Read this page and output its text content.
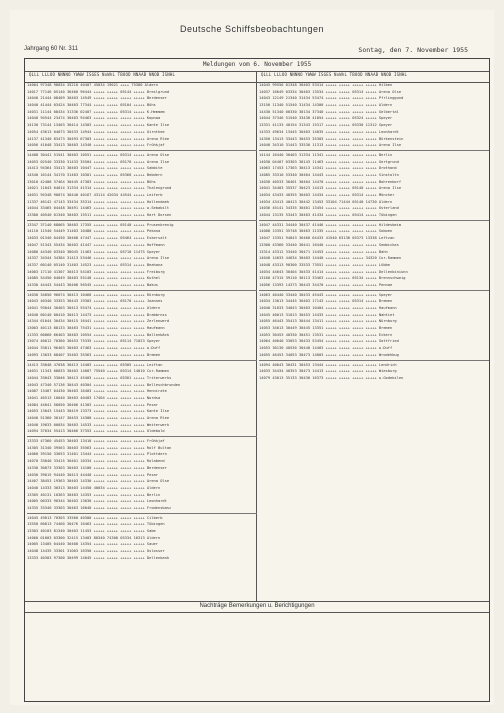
Deutsche Schiffsbeobachtungen
Jahrgang 60 Nr. 311	Sontag, den 7. November 1955
Meldungen vom 6. November 1955
QLLL LLLOO NNNNO YWWW ISGES NoWhL TBOOD NNAAB NNOB ISNHL	QLLL LLLOO NNNNO YWWW ISGES NoWhL TBOOD NNAAB NNOB ISNHL
14004 97348 98034 35210 40407 45034 19021 ++++ 75380 Aldern
14017 77146 05140 36460 96444 +++++ +++++ 05144 +++++ Breslgrund
14040 21444 08409 30403 14549 +++++ +++++ +++++ +++++ Berdenser
14040 41444 03424 30403 77344 +++++ +++++ 05104 +++++ Bühs
14031 11144 08434 31336 02407 +++++ +++++ 05314 +++++ K.Hemmem
14040 94544 23474 30403 94463 +++++ +++++ +++++ +++++ Kopnaa
14130 73144 13403 30414 14303 +++++ +++++ +++++ +++++ Kante Ilse
14054 43613 04073 30433 14944 +++++ +++++ +++++ +++++ Uirnthee
14137 41340 83473 30493 67303 +++++ +++++ +++++ +++++ Arena Rlee
14056 41048 33413 30403 14340 +++++ +++++ +++++ +++++ Frühkjaf
14408 30441 51541 30403 10551 +++++ +++++ 05314 +++++ Arena Olse
14053 02540 33330 31433 35504 +++++ +++++ 05170 +++++ Arena Ilse
14413 94364 33413 30403 10447 +++++ +++++ +++++ +++++ Sabbite
14540 16144 34170 31403 10301 +++++ +++++ 05360 +++++ Bebdern
13010 42408 37464 30445 47303 +++++ +++++ +++++ +++++ Bühs
14021 11043 04014 31334 41314 +++++ +++++ +++++ +++++ Thalengrund
14031 94348 90074 30440 40167 43114 42034 44544 +++++ Leiferb
11337 46142 47143 33434 35314 +++++ +++++ +++++ +++++ Hollendaek
14044 33465 04448 30491 14463 +++++ +++++ +++++ +++++ w.Sebabilt
13300 40540 01340 30403 15511 +++++ +++++ +++++ +++++ Hart Dorsen
13347 37140 68065 30403 17355 +++++ +++++ 05140 +++++ Prusenbrenig
14110 11540 54449 31403 10480 +++++ +++++ +++++ +++++ Pekana
14033 01340 04450 30408 47447 +++++ +++++ 05464 +++++ Eskersalt
14047 51343 55434 30403 41447 +++++ +++++ +++++ +++++ Hoffmann
14080 44340 03340 38045 11463 +++++ +++++ 05710 11475 Speyer
14337 34344 34384 31413 53446 +++++ +++++ +++++ +++++ Arena Ilse
14337 60140 05140 31403 14523 +++++ +++++ 05314 +++++ Beahana
14003 17110 41307 30413 54103 +++++ +++++ +++++ +++++ Freiburg
14085 54450 04049 30403 55140 +++++ +++++ +++++ +++++ Kuthel
14330 44443 54443 30408 56545 +++++ +++++ +++++ +++++ Bakus
14030 34050 96074 30413 10460 +++++ +++++ +++++ +++++ Rürnburg
14043 40340 33353 30443 19303 +++++ +++++ 05170 +++++ Joannes
14041 93044 30403 30413 55474 +++++ +++++ +++++ +++++ Aldern
14040 60140 00410 30413 14473 +++++ +++++ +++++ +++++ Brabbrnss
14344 61044 30434 30415 16441 +++++ +++++ +++++ +++++ Zerlenwerd
13003 40113 88133 30463 75431 +++++ +++++ +++++ +++++ Haufmann
11333 60060 66403 30403 10554 +++++ +++++ +++++ +++++ Ballenbäck
13074 40012 70380 30453 75335 +++++ +++++ 05114 71023 Speyer
14044 33011 96403 30403 47463 +++++ +++++ +++++ +++++ w.Duff
14093 13033 08407 35403 35363 +++++ +++++ +++++ +++++ Bremen
14413 33048 47038 30413 14403 +++++ +++++ 05305 +++++ Leiftan
14031 11343 08033 30403 14087 75540 +++++ 05314 14010 Cur.Rammen
14044 33043 33046 30413 45403 +++++ +++++ 05301 +++++ Triterwerks
14043 47340 57136 30443 40304 +++++ +++++ +++++ +++++ Belleschbrunden
14087 13407 04430 30403 16403 +++++ +++++ +++++ +++++ Hennirate
14041 46513 10040 30403 40403 17404 +++++ +++++ +++++ Nordsa
14084 44041 56050 30406 41303 +++++ +++++ +++++ +++++ Pezar
14053 13043 15443 30419 13373 +++++ +++++ +++++ +++++ Kante Ilse
14040 51360 30147 30453 14300 +++++ +++++ +++++ +++++ Arena Rlee
14040 19033 00034 30403 14533 +++++ +++++ +++++ +++++ Weiterwerk
14094 37034 55413 30466 37353 +++++ +++++ +++++ +++++ Oldebold
13333 47360 45453 30403 13410 +++++ +++++ +++++ +++++ Frühkjaf
14305 31340 39563 30403 35563 +++++ +++++ +++++ +++++ Rolf Bultan
14060 39150 33653 31401 13444 +++++ +++++ +++++ +++++ Plottdern
14070 33040 33415 30401 10334 +++++ +++++ +++++ +++++ Rolabend
14330 30073 33303 30403 14100 +++++ +++++ +++++ +++++ Berdenser
14030 39015 94440 30413 44440 +++++ +++++ +++++ +++++ Pezar
14407 38453 19363 30403 14330 +++++ +++++ +++++ +++++ Arena Olse
14040 14333 30313 30403 14450 40034 +++++ +++++ +++++ Aldern
13305 40131 10363 30403 14353 +++++ +++++ +++++ +++++ Berlin
14005 00333 90344 30403 13030 +++++ +++++ +++++ +++++ Leonhardt
14335 33340 33303 30463 16040 +++++ +++++ +++++ +++++ Frodensbasc
14045 49013 70303 33560 40300 +++++ +++++ +++++ +++++ Cilberb
13550 60013 74460 30476 16463 +++++ +++++ +++++ +++++ Tübingen
13303 40103 81340 30403 11453 +++++ +++++ +++++ +++++ Sabe
14060 01003 03300 32415 13403 80340 74300 05334 10313 Aldern
14005 13405 04440 30400 14354 +++++ +++++ +++++ +++++ Sauer
14048 14435 33301 31003 16350 +++++ +++++ +++++ +++++ Oslosser
13333 40303 97300 30499 14045 +++++ +++++ +++++ +++++ Dellenbank
14045 99556 01348 30403 53414 +++++ +++++ +++++ +++++ Hilben
14037 16649 03334 30403 13534 +++++ +++++ 05314 +++++ Arena Olse
14043 12149 21340 31434 53474 +++++ +++++ +++++ +++++ Pfrlinggund
13150 11340 51540 31434 14300 +++++ +++++ +++++ +++++ Aldern
14430 51340 00330 30134 37340 +++++ +++++ +++++ +++++ Gelbertal
14044 37346 51540 33430 41054 +++++ +++++ 05324 +++++ Speyer
13331 41133 40154 31343 15317 +++++ +++++ 05330 11312 Speyer
14333 49634 13445 30403 14035 +++++ +++++ +++++ +++++ Leonhardt
14350 13413 33443 30453 35303 +++++ +++++ +++++ +++++ Bürkenstein
14040 34310 31443 33530 11313 +++++ +++++ +++++ +++++ Arena Ilse
14144 16440 30403 31334 11341 +++++ +++++ +++++ +++++ Berlin
14030 04407 03303 30143 11463 +++++ +++++ +++++ +++++ Gertgrund
14063 17453 17303 30413 14341 +++++ +++++ +++++ +++++ Drothond
14085 33310 53340 30404 14443 +++++ +++++ +++++ +++++ Sinstoltn
14030 40533 30401 30404 14470 +++++ +++++ +++++ +++++ Bohrenborf
14041 34403 35537 30423 14413 +++++ +++++ 05140 +++++ Arena Ilse
14034 43433 40355 30403 14434 +++++ +++++ 05314 +++++ Müncher
14034 43413 40413 30442 13453 33104 71444 05140 14730 Aldern
14036 45141 34335 30401 13454 +++++ +++++ +++++ +++++ Osterland
14044 13135 53443 30403 41434 +++++ +++++ 05414 +++++ Tübingen
14047 44331 34440 30437 41446 +++++ +++++ +++++ +++++ Hildesbeim
14008 13351 35748 30463 11335 +++++ +++++ +++++ +++++ Soboen
14047 13351 94843 36460 04433 41540 63130 05373 13338 Leftzan
13300 43360 33440 30441 16440 +++++ +++++ +++++ +++++ Sembickes
13314 43312 33440 30471 14453 +++++ +++++ +++++ +++++ Bahn
14040 14033 44634 30403 14440 +++++ +++++ +++++ 34320 Cur.Rammen
14048 43313 90300 33533 73551 +++++ +++++ +++++ +++++ Lübbe
14034 44643 30404 30433 41414 +++++ +++++ +++++ +++++ Dellenbiniunn
13160 47315 39110 30113 33463 +++++ +++++ 05134 +++++ Brennschweig
14056 13393 14373 30443 34470 +++++ +++++ +++++ +++++ Pennae
14063 40440 33440 30433 45443 +++++ +++++ +++++ +++++ Speyer
14034 13013 34445 30403 17143 +++++ +++++ 05314 +++++ Bremen
14040 31033 34043 30403 10404 +++++ +++++ +++++ +++++ Haufmann
14045 40013 31013 30453 14433 +++++ +++++ +++++ +++++ Nahtiet
14055 46443 35413 30444 13411 +++++ +++++ +++++ +++++ Nürnburg
14053 34013 30449 30445 13351 +++++ +++++ +++++ +++++ Bremen
14053 30453 40330 30451 13531 +++++ +++++ +++++ +++++ Eckern
14064 40040 33053 30433 53454 +++++ +++++ +++++ +++++ Gottfried
14053 30130 40530 30440 14403 +++++ +++++ +++++ +++++ w.Duff
14055 46453 34053 30473 14003 +++++ +++++ +++++ +++++ Wrodehbug
14094 40043 30431 30453 13444 +++++ +++++ +++++ +++++ Lendrich
14033 34434 40353 30473 14413 +++++ +++++ +++++ +++++ Wiesburg
14079 43013 35133 30430 16373 +++++ +++++ +++++ +++++ w.Godebilen
Nachträge Bemerkungen u. Berichtigungen
